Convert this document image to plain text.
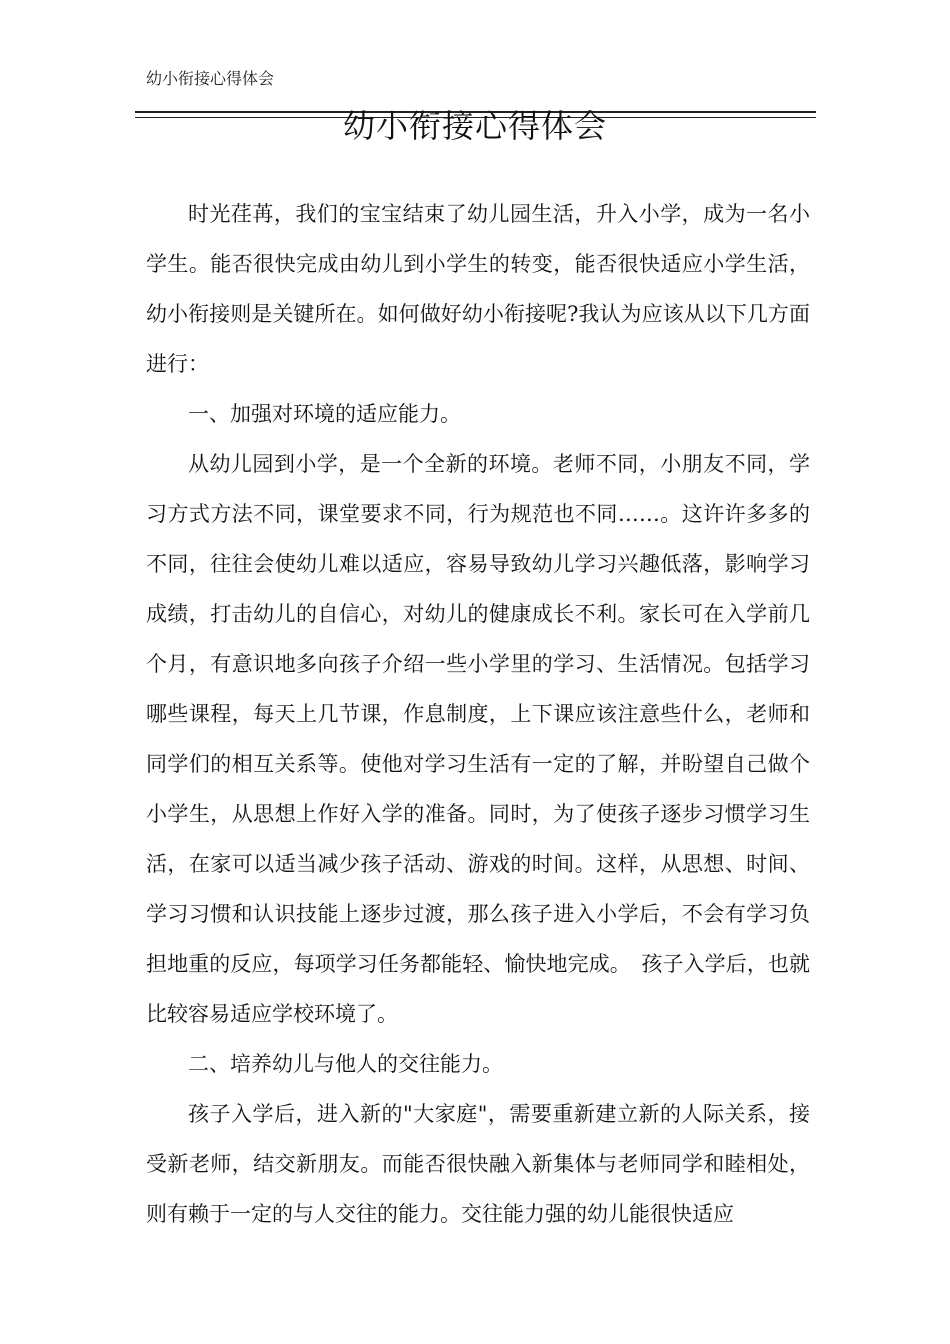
幼小衔接心得体会
幼小衔接心得体会

时光荏苒，我们的宝宝结束了幼儿园生活，升入小学，成为一名小学生。能否很快完成由幼儿到小学生的转变，能否很快适应小学生活，幼小衔接则是关键所在。如何做好幼小衔接呢?我认为应该从以下几方面进行：

一、加强对环境的适应能力。

从幼儿园到小学，是一个全新的环境。老师不同，小朋友不同，学习方式方法不同，课堂要求不同，行为规范也不同……。这许许多多的不同，往往会使幼儿难以适应，容易导致幼儿学习兴趣低落，影响学习成绩，打击幼儿的自信心，对幼儿的健康成长不利。家长可在入学前几个月，有意识地多向孩子介绍一些小学里的学习、生活情况。包括学习哪些课程，每天上几节课，作息制度，上下课应该注意些什么，老师和同学们的相互关系等。使他对学习生活有一定的了解，并盼望自己做个小学生，从思想上作好入学的准备。同时，为了使孩子逐步习惯学习生活，在家可以适当减少孩子活动、游戏的时间。这样，从思想、时间、学习习惯和认识技能上逐步过渡，那么孩子进入小学后，不会有学习负担地重的反应，每项学习任务都能轻、愉快地完成。　孩子入学后，也就比较容易适应学校环境了。

二、培养幼儿与他人的交往能力。

孩子入学后，进入新的"大家庭"，需要重新建立新的人际关系，接受新老师，结交新朋友。而能否很快融入新集体与老师同学和睦相处，则有赖于一定的与人交往的能力。交往能力强的幼儿能很快适应
